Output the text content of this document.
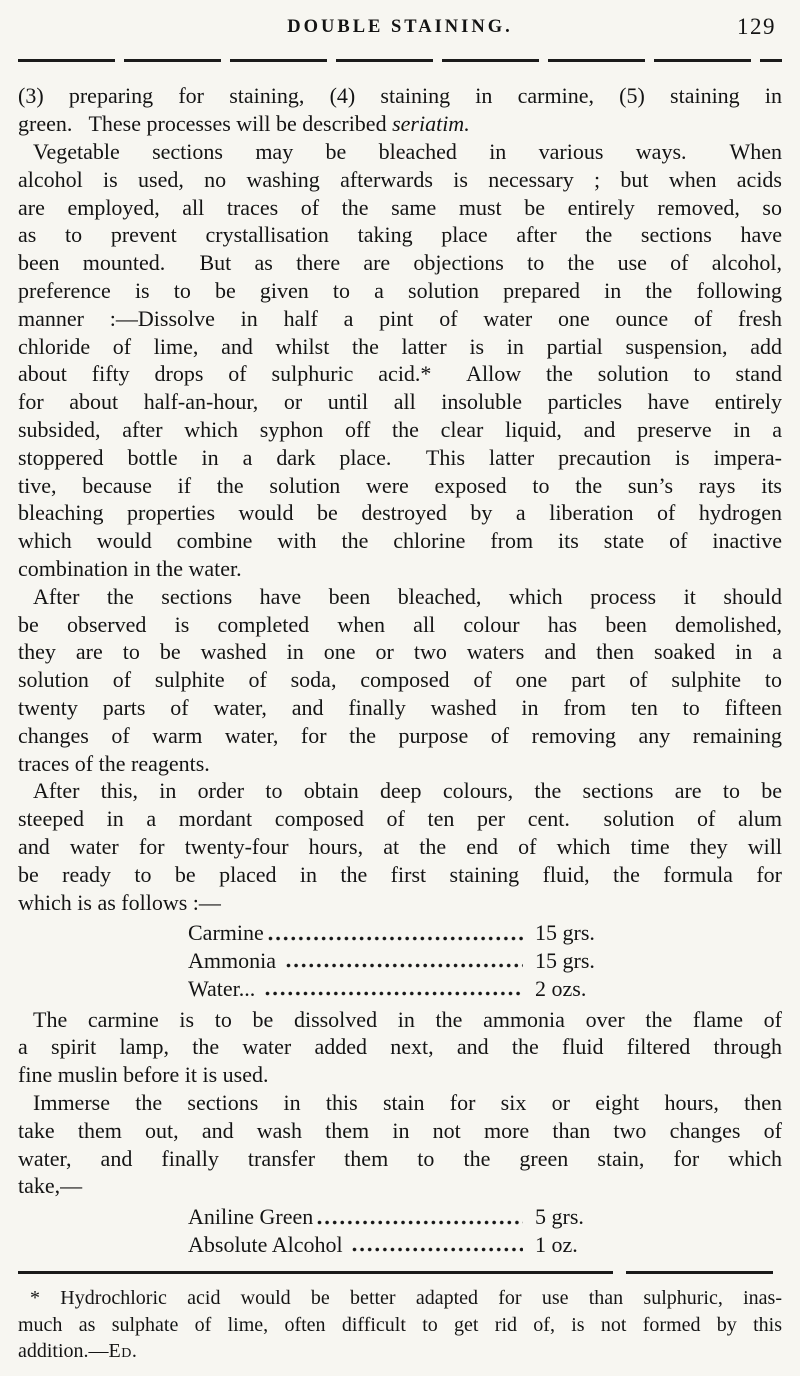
DOUBLE STAINING.	129
(3) preparing for staining, (4) staining in carmine, (5) staining in
green.  These processes will be described seriatim.
Vegetable sections may be bleached in various ways.  When
alcohol is used, no washing afterwards is necessary ; but when acids
are employed, all traces of the same must be entirely removed, so
as to prevent crystallisation taking place after the sections have
been mounted.  But as there are objections to the use of alcohol,
preference is to be given to a solution prepared in the following
manner :—Dissolve in half a pint of water one ounce of fresh
chloride of lime, and whilst the latter is in partial suspension, add
about fifty drops of sulphuric acid.*  Allow the solution to stand
for about half-an-hour, or until all insoluble particles have entirely
subsided, after which syphon off the clear liquid, and preserve in a
stoppered bottle in a dark place.  This latter precaution is impera-
tive, because if the solution were exposed to the sun’s rays its
bleaching properties would be destroyed by a liberation of hydrogen
which would combine with the chlorine from its state of inactive
combination in the water.
After the sections have been bleached, which process it should
be observed is completed when all colour has been demolished,
they are to be washed in one or two waters and then soaked in a
solution of sulphite of soda, composed of one part of sulphite to
twenty parts of water, and finally washed in from ten to fifteen
changes of warm water, for the purpose of removing any remaining
traces of the reagents.
After this, in order to obtain deep colours, the sections are to be
steeped in a mordant composed of ten per cent.  solution of alum
and water for twenty-four hours, at the end of which time they will
be ready to be placed in the first staining fluid, the formula for
which is as follows :—
Carmine	15 grs.
Ammonia	15 grs.
Water...	2 ozs.
The carmine is to be dissolved in the ammonia over the flame of
a spirit lamp, the water added next, and the fluid filtered through
fine muslin before it is used.
Immerse the sections in this stain for six or eight hours, then
take them out, and wash them in not more than two changes of
water, and finally transfer them to the green stain, for which
take,—
Aniline Green	5 grs.
Absolute Alcohol	1 oz.
* Hydrochloric acid would be better adapted for use than sulphuric, inas-
much as sulphate of lime, often difficult to get rid of, is not formed by this
addition.—Ed.
